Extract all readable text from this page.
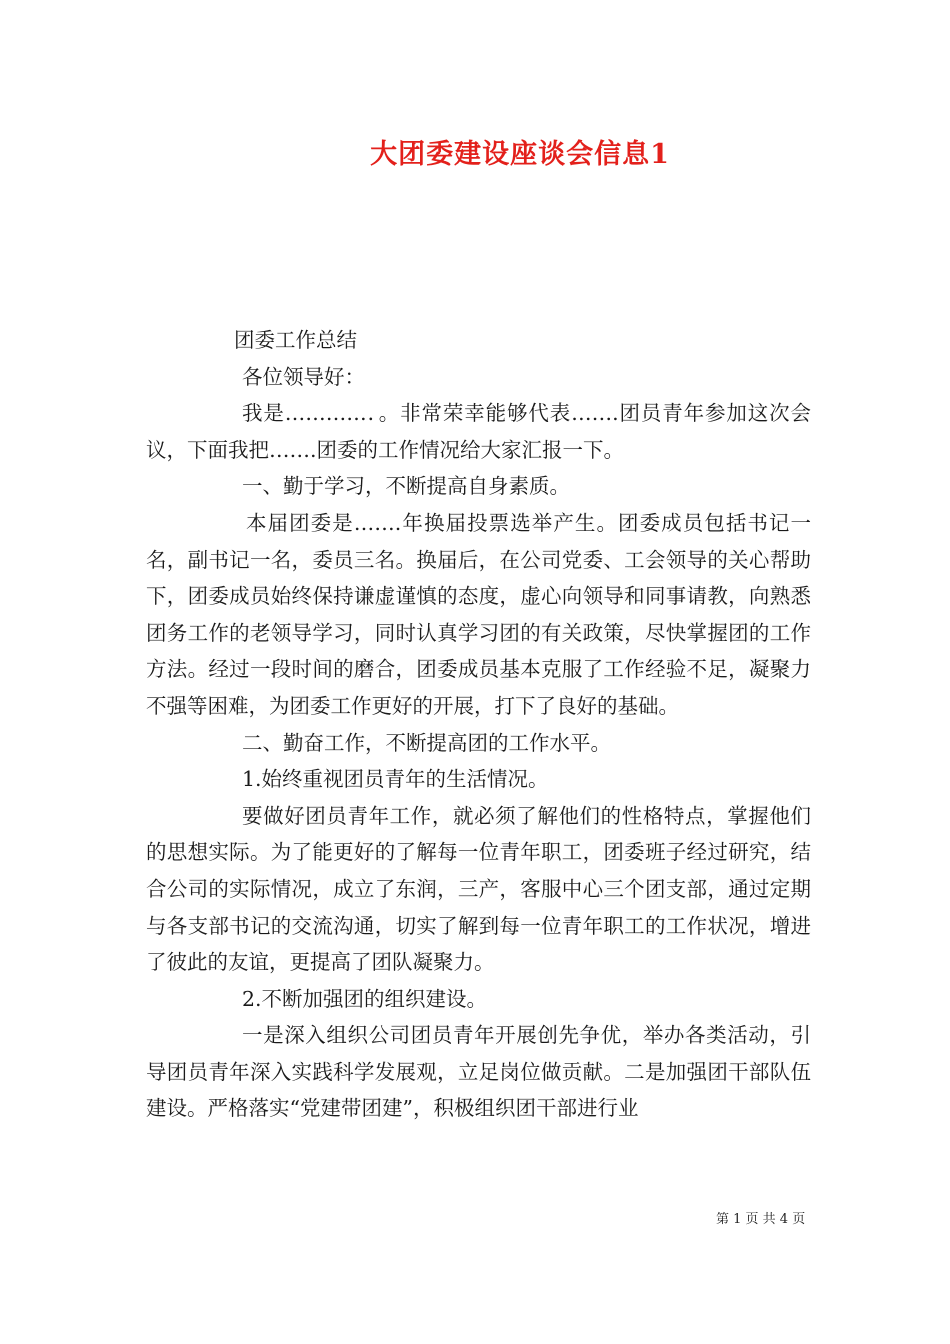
大团委建设座谈会信息1

团委工作总结

各位领导好：

我是…………．。非常荣幸能够代表…….团员青年参加这次会议，下面我把…….团委的工作情况给大家汇报一下。

一、勤于学习，不断提高自身素质。

本届团委是…….年换届投票选举产生。团委成员包括书记一名，副书记一名，委员三名。换届后，在公司党委、工会领导的关心帮助下，团委成员始终保持谦虚谨慎的态度，虚心向领导和同事请教，向熟悉团务工作的老领导学习，同时认真学习团的有关政策，尽快掌握团的工作方法。经过一段时间的磨合，团委成员基本克服了工作经验不足，凝聚力不强等困难，为团委工作更好的开展，打下了良好的基础。

二、勤奋工作，不断提高团的工作水平。

1.始终重视团员青年的生活情况。

要做好团员青年工作，就必须了解他们的性格特点，掌握他们的思想实际。为了能更好的了解每一位青年职工，团委班子经过研究，结合公司的实际情况，成立了东润，三产，客服中心三个团支部，通过定期与各支部书记的交流沟通，切实了解到每一位青年职工的工作状况，增进了彼此的友谊，更提高了团队凝聚力。

2.不断加强团的组织建设。

一是深入组织公司团员青年开展创先争优，举办各类活动，引导团员青年深入实践科学发展观，立足岗位做贡献。二是加强团干部队伍建设。严格落实“党建带团建”，积极组织团干部进行业

第 1 页 共 4 页
